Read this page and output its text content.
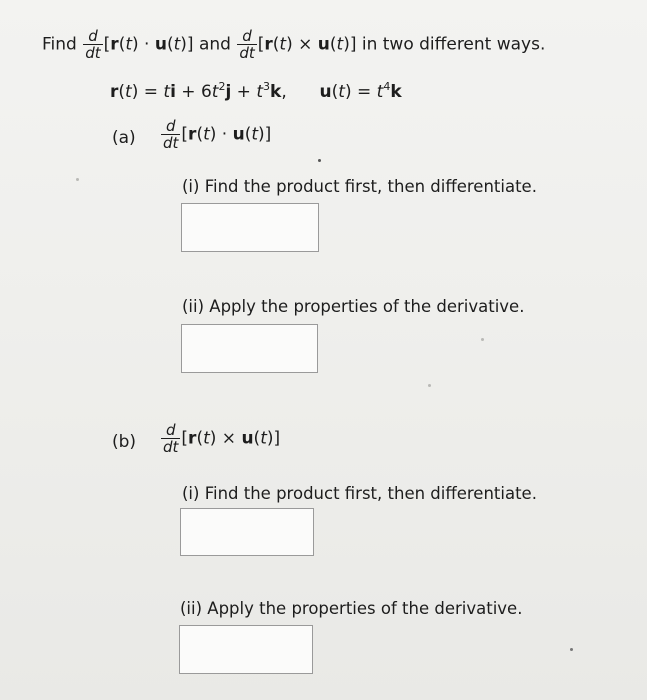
Find $\frac{d}{dt} [r(t) \cdot u(t)]$ and $\frac{d}{dt} [r(t) \times u(t)]$ in two different ways.
r(t) = ti + $6t^2j + t^3k$, $u(t) = t^4k$
$(a) \frac{d}{dt} [r(t) \cdot u(t)]$
(i) Find the product first, then differentiate.
(ii) Apply the properties of the derivative.
$(b) \frac{d}{dt} [r(t) \times u(t)]$
(i) Find the product first, then differentiate.
(ii) Apply the properties of the derivative.
